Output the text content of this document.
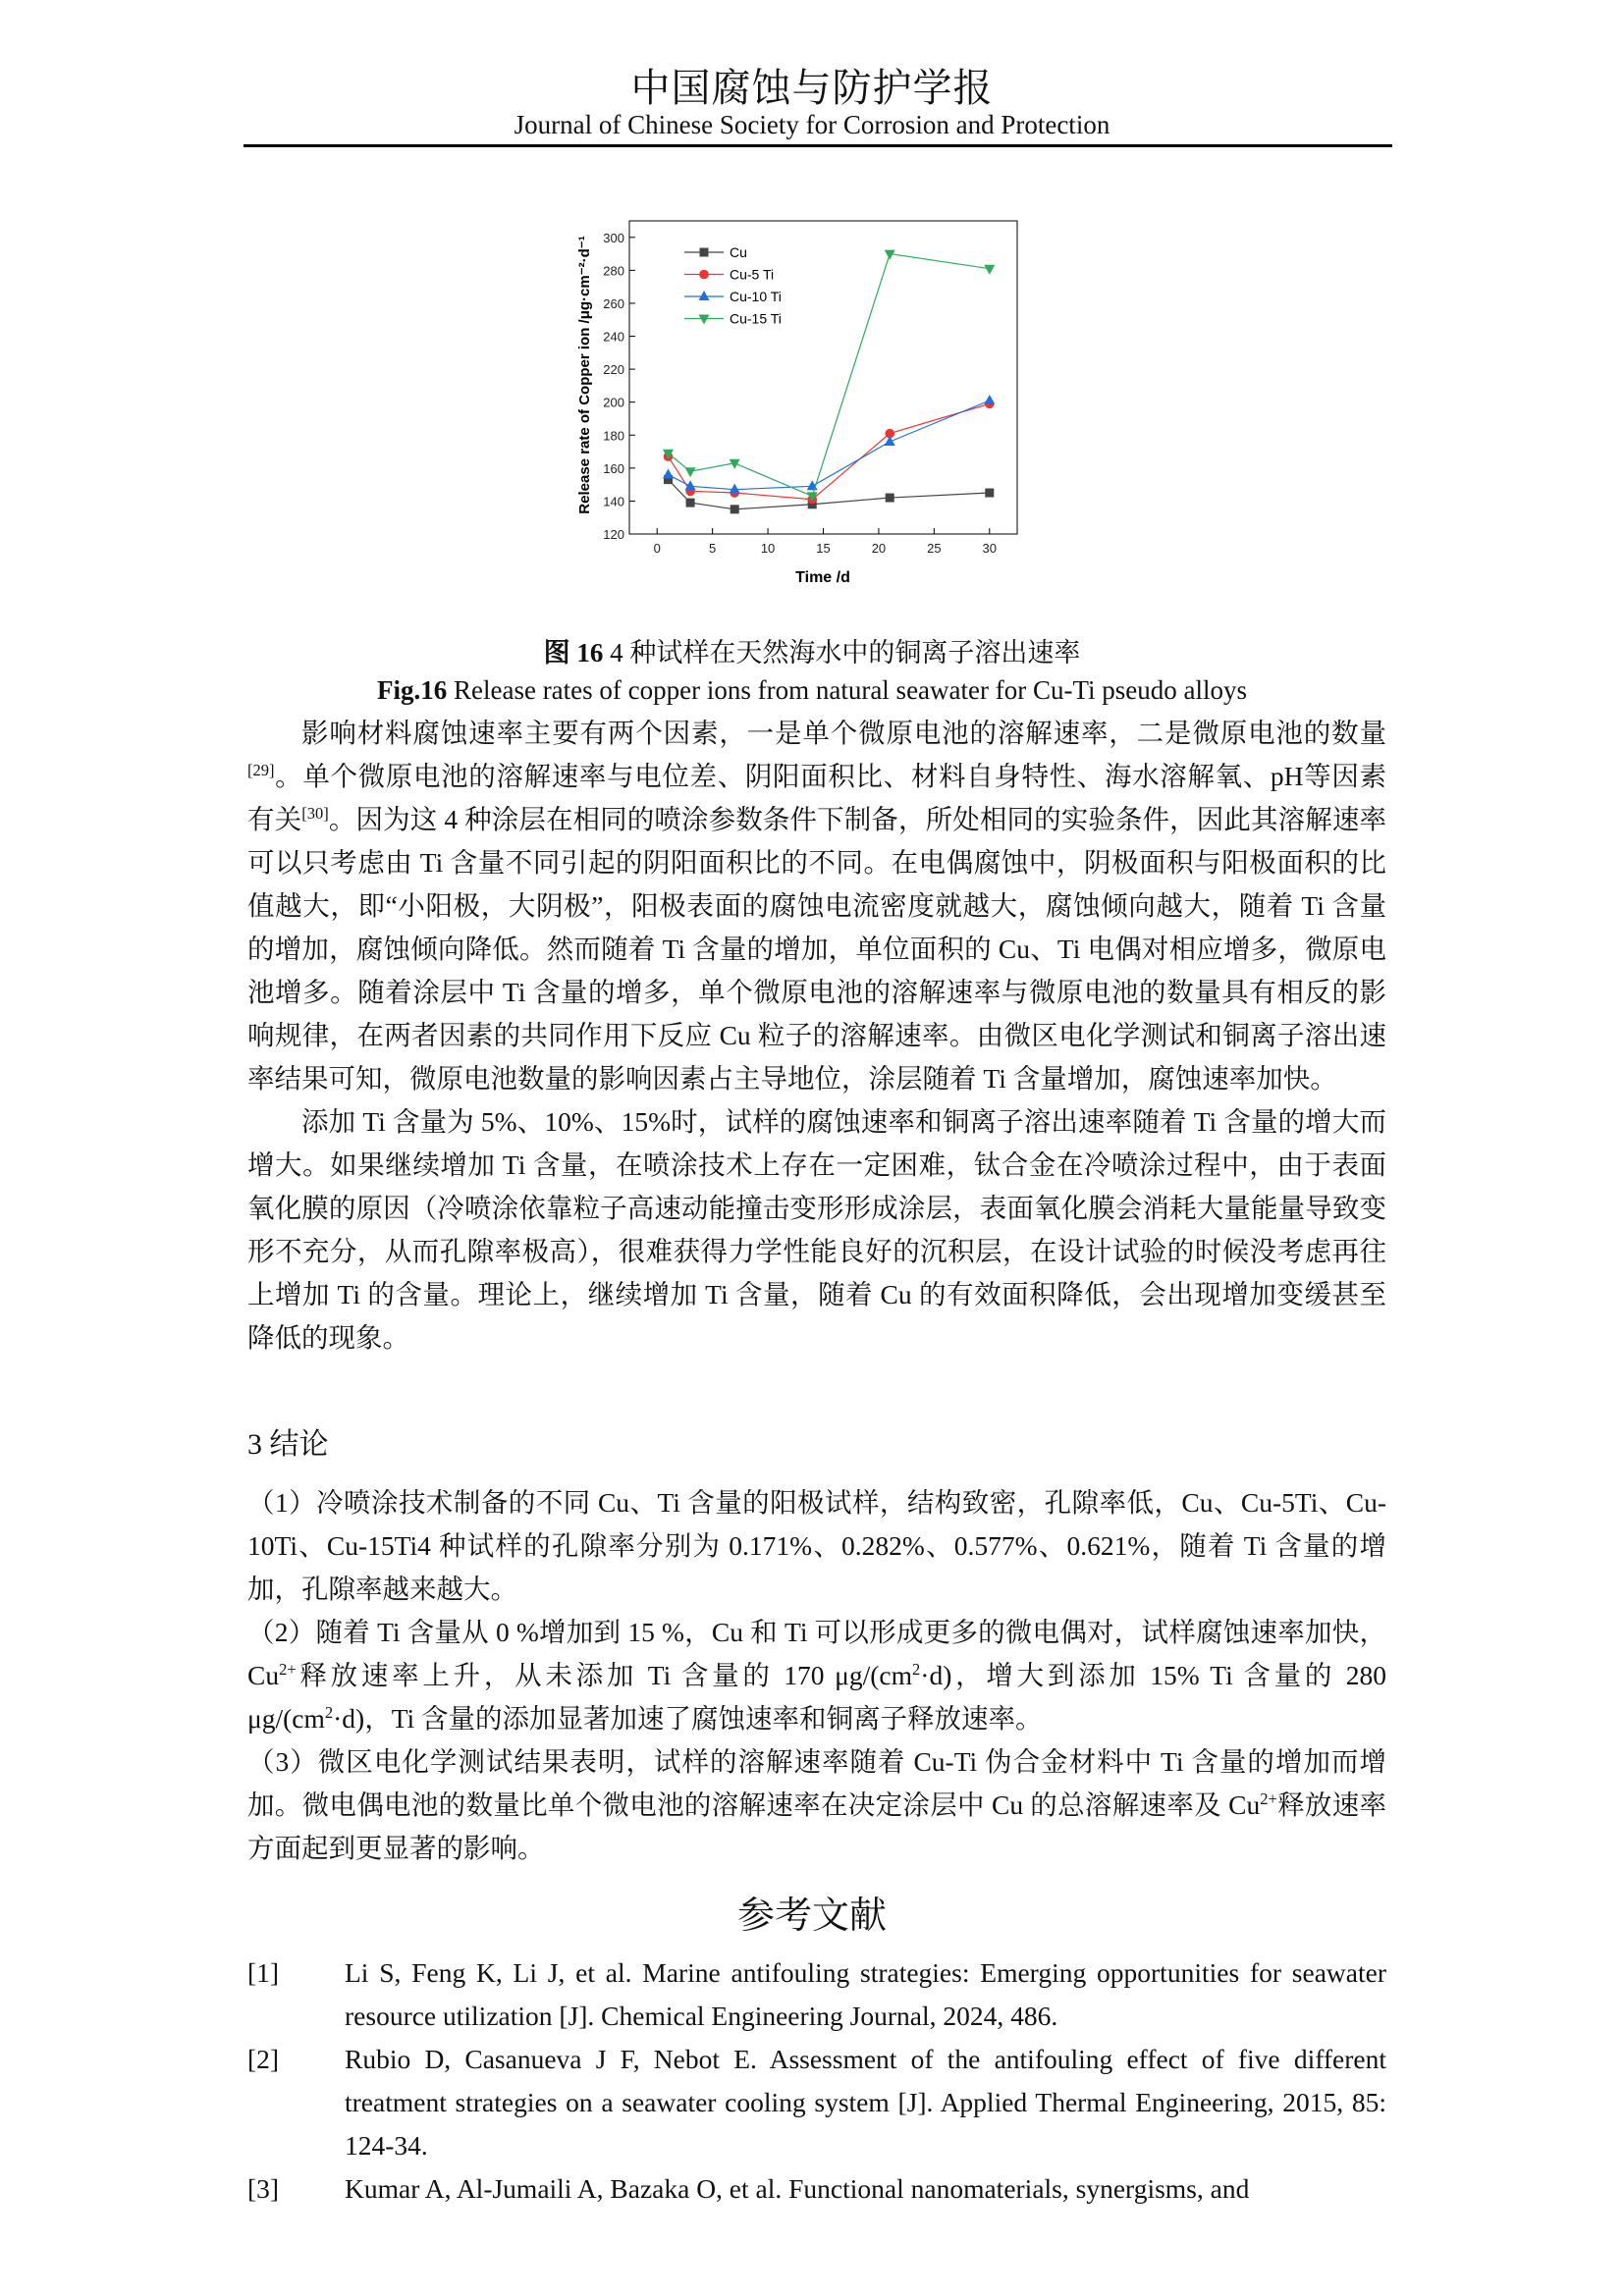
中国腐蚀与防护学报
Journal of Chinese Society for Corrosion and Protection
Release rate of Copper ion /μg·cm⁻²·d⁻¹
Time /d
0	5	10	15	20	25	30
120
140
160
180
200
220
240
260
280
300
Cu
Cu-5 Ti
Cu-10 Ti
Cu-15 Ti
图 16 4 种试样在天然海水中的铜离子溶出速率
Fig.16 Release rates of copper ions from natural seawater for Cu-Ti pseudo alloys

影响材料腐蚀速率主要有两个因素，一是单个微原电池的溶解速率，二是微原电池的数量[29]。单个微原电池的溶解速率与电位差、阴阳面积比、材料自身特性、海水溶解氧、pH等因素有关[30]。因为这 4 种涂层在相同的喷涂参数条件下制备，所处相同的实验条件，因此其溶解速率可以只考虑由 Ti 含量不同引起的阴阳面积比的不同。在电偶腐蚀中，阴极面积与阳极面积的比值越大，即“小阳极，大阴极”，阳极表面的腐蚀电流密度就越大，腐蚀倾向越大，随着 Ti 含量的增加，腐蚀倾向降低。然而随着 Ti 含量的增加，单位面积的 Cu、Ti 电偶对相应增多，微原电池增多。随着涂层中 Ti 含量的增多，单个微原电池的溶解速率与微原电池的数量具有相反的影响规律，在两者因素的共同作用下反应 Cu 粒子的溶解速率。由微区电化学测试和铜离子溶出速率结果可知，微原电池数量的影响因素占主导地位，涂层随着 Ti 含量增加，腐蚀速率加快。

添加 Ti 含量为 5%、10%、15%时，试样的腐蚀速率和铜离子溶出速率随着 Ti 含量的增大而增大。如果继续增加 Ti 含量，在喷涂技术上存在一定困难，钛合金在冷喷涂过程中，由于表面氧化膜的原因（冷喷涂依靠粒子高速动能撞击变形形成涂层，表面氧化膜会消耗大量能量导致变形不充分，从而孔隙率极高），很难获得力学性能良好的沉积层，在设计试验的时候没考虑再往上增加 Ti 的含量。理论上，继续增加 Ti 含量，随着 Cu 的有效面积降低，会出现增加变缓甚至降低的现象。

3 结论

（1）冷喷涂技术制备的不同 Cu、Ti 含量的阳极试样，结构致密，孔隙率低，Cu、Cu-5Ti、Cu-10Ti、Cu-15Ti4 种试样的孔隙率分别为 0.171%、0.282%、0.577%、0.621%，随着 Ti 含量的增加，孔隙率越来越大。

（2）随着 Ti 含量从 0 %增加到 15 %，Cu 和 Ti 可以形成更多的微电偶对，试样腐蚀速率加快，$Cu^{2+}$释放速率上升，从未添加 Ti 含量的 170 $\mu g/(cm^2\cdot d)$，增大到添加 15% Ti 含量的 280 $\mu g/(cm^2\cdot d)$，Ti 含量的添加显著加速了腐蚀速率和铜离子释放速率。

（3）微区电化学测试结果表明，试样的溶解速率随着 Cu-Ti 伪合金材料中 Ti 含量的增加而增加。微电偶电池的数量比单个微电池的溶解速率在决定涂层中 Cu 的总溶解速率及 $Cu^{2+}$释放速率方面起到更显著的影响。

参考文献
[1] Li S, Feng K, Li J, et al. Marine antifouling strategies: Emerging opportunities for seawater resource utilization [J]. Chemical Engineering Journal, 2024, 486.
[2] Rubio D, Casanueva J F, Nebot E. Assessment of the antifouling effect of five different treatment strategies on a seawater cooling system [J]. Applied Thermal Engineering, 2015, 85: 124-34.
[3] Kumar A, Al-Jumaili A, Bazaka O, et al. Functional nanomaterials, synergisms, and
